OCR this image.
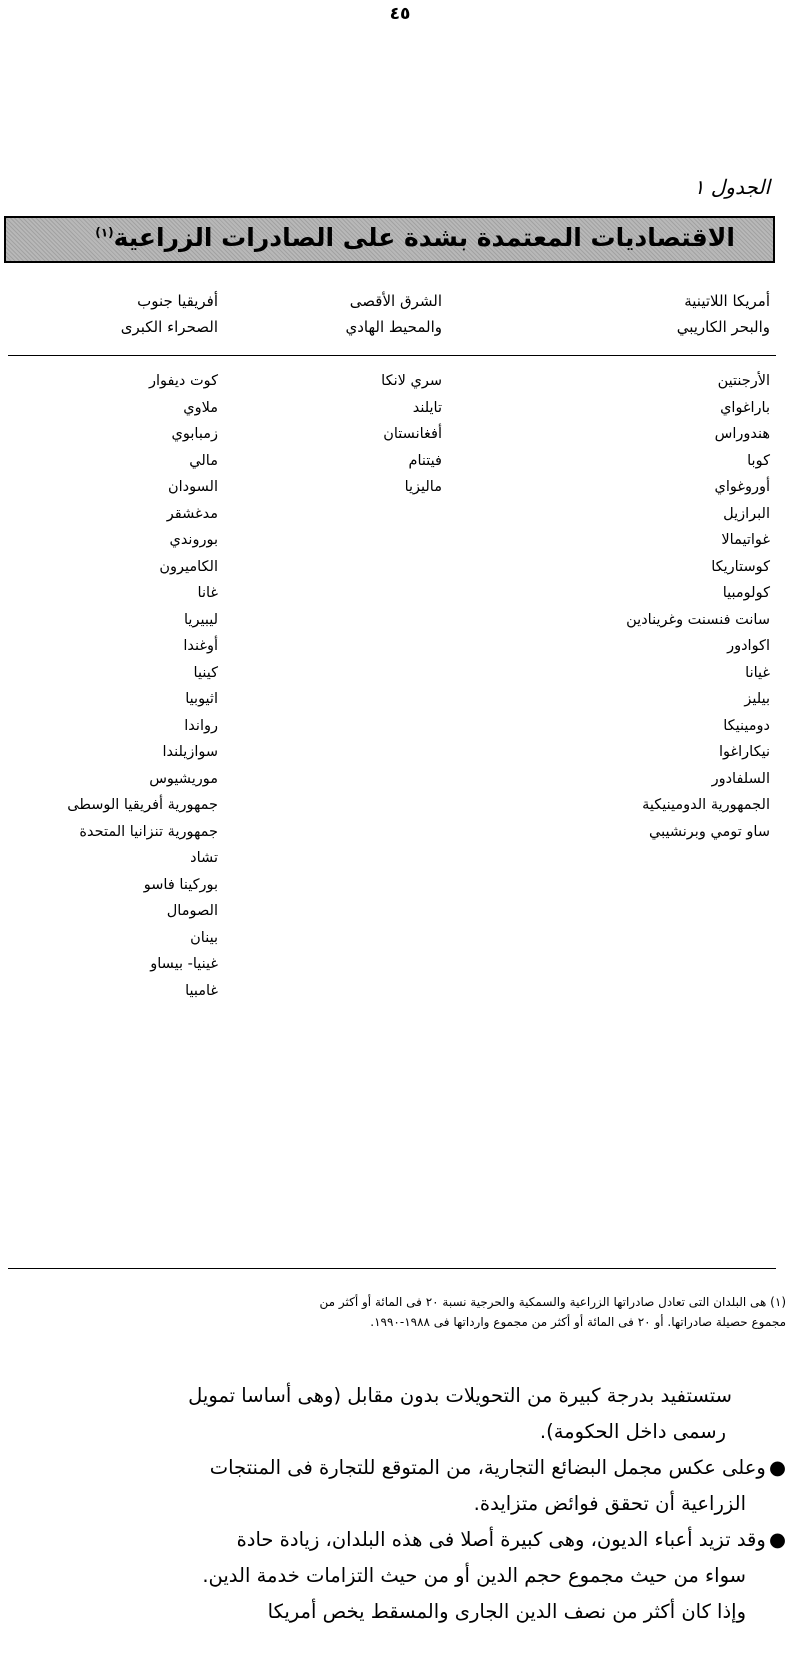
٤٥
الجدول ١
الاقتصاديات المعتمدة بشدة على الصادرات الزراعية$^{(١)}$
أمريكا اللاتينية
والبحر الكاريبي
الشرق الأقصى
والمحيط الهادي
أفريقيا جنوب
الصحراء الكبرى
الأرجنتين
باراغواي
هندوراس
كوبا
أوروغواي
البرازيل
غواتيمالا
كوستاريكا
كولومبيا
سانت فنسنت وغرينادين
اكوادور
غيانا
بيليز
دومينيكا
نيكاراغوا
السلفادور
الجمهورية الدومينيكية
ساو تومي وبرنشيبي
سري لانكا
تايلند
أفغانستان
فيتنام
ماليزيا
كوت ديفوار
ملاوي
زمبابوي
مالي
السودان
مدغشقر
بوروندي
الكاميرون
غانا
ليبيريا
أوغندا
كينيا
اثيوبيا
رواندا
سوازيلندا
موريشيوس
جمهورية أفريقيا الوسطى
جمهورية تنزانيا المتحدة
تشاد
بوركينا فاسو
الصومال
بينان
غينيا- بيساو
غامبيا
(١) هى البلدان التى تعادل صادراتها الزراعية والسمكية والحرجية نسبة ٢٠ فى المائة أو أكثر من
مجموع حصيلة صادراتها. أو ٢٠ فى المائة أو أكثر من مجموع وارداتها فى ١٩٨٨-١٩٩٠.

ستستفيد بدرجة كبيرة من التحويلات بدون مقابل (وهى أساسا تمويل

رسمى داخل الحكومة).

● وعلى عكس مجمل البضائع التجارية، من المتوقع للتجارة فى المنتجات

الزراعية أن تحقق فوائض متزايدة.

● وقد تزيد أعباء الديون، وهى كبيرة أصلا فى هذه البلدان، زيادة حادة

سواء من حيث مجموع حجم الدين أو من حيث التزامات خدمة الدين.

وإذا كان أكثر من نصف الدين الجارى والمسقط يخص أمريكا
